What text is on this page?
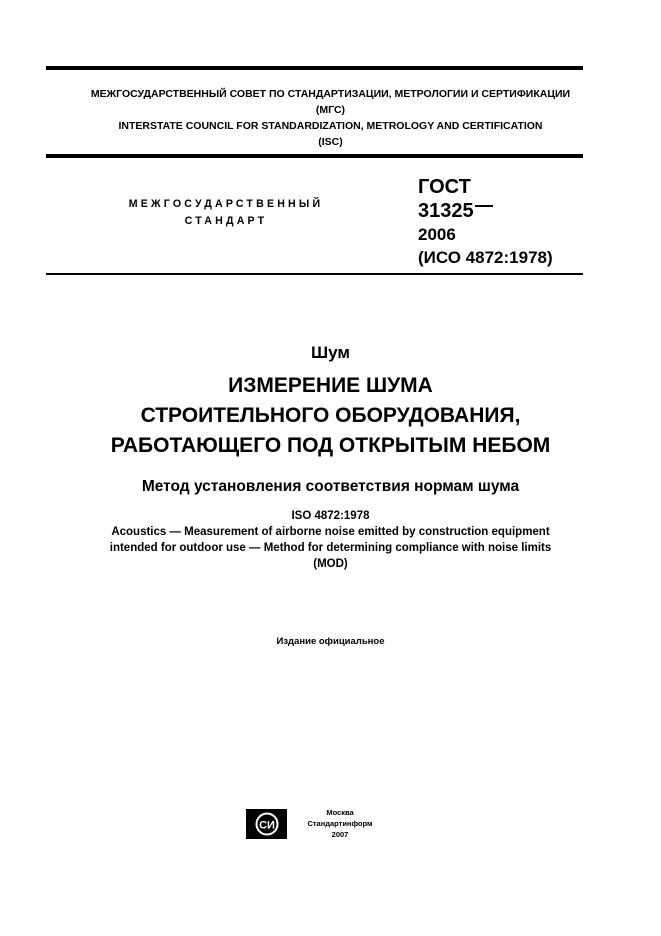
МЕЖГОСУДАРСТВЕННЫЙ СОВЕТ ПО СТАНДАРТИЗАЦИИ, МЕТРОЛОГИИ И СЕРТИФИКАЦИИ
(МГС)
INTERSTATE COUNCIL FOR STANDARDIZATION, METROLOGY AND CERTIFICATION
(ISC)
МЕЖГОСУДАРСТВЕННЫЙ
СТАНДАРТ
ГОСТ
31325
2006
(ИСО 4872:1978)
Шум
ИЗМЕРЕНИЕ ШУМА
СТРОИТЕЛЬНОГО ОБОРУДОВАНИЯ,
РАБОТАЮЩЕГО ПОД ОТКРЫТЫМ НЕБОМ
Метод установления соответствия нормам шума
ISO 4872:1978
Acoustics — Measurement of airborne noise emitted by construction equipment
intended for outdoor use — Method for determining compliance with noise limits
(MOD)
Издание официальное
СИ
Москва
Стандартинформ
2007
